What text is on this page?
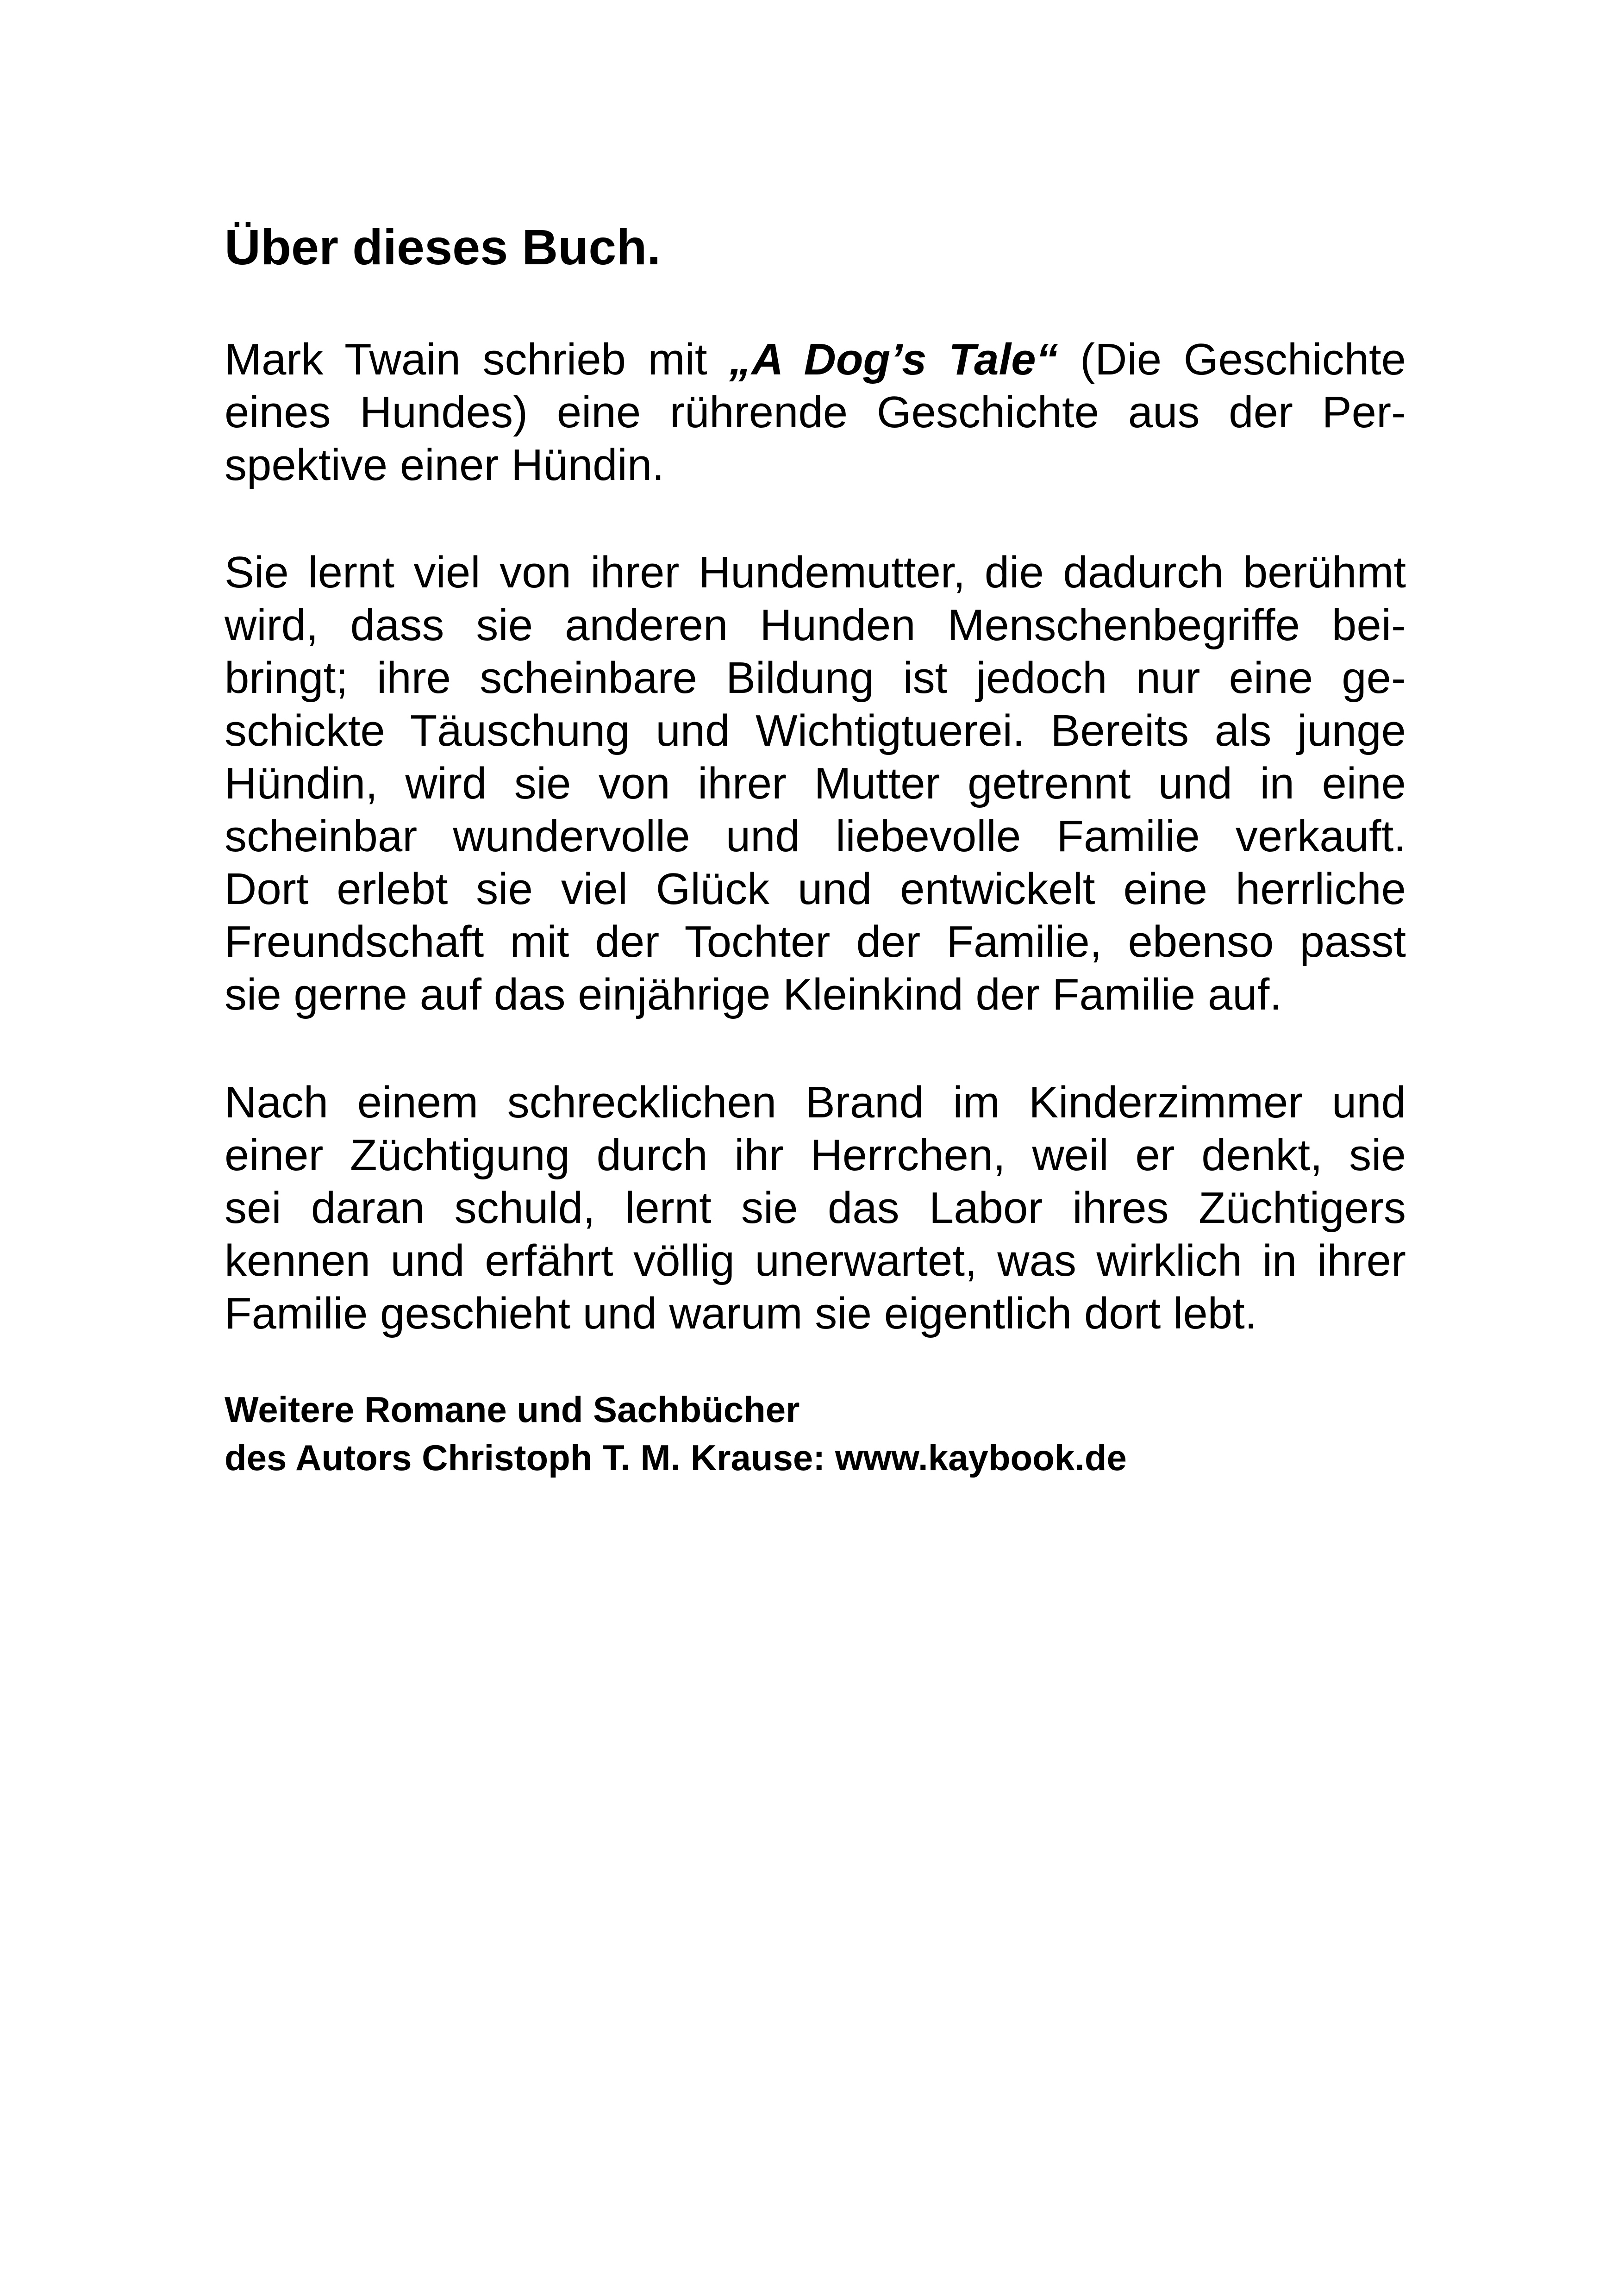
Über dieses Buch.

Mark Twain schrieb mit „A Dog’s Tale“ (Die Geschichte
eines Hundes) eine rührende Geschichte aus der Per-
spektive einer Hündin.

Sie lernt viel von ihrer Hundemutter, die dadurch berühmt
wird, dass sie anderen Hunden Menschenbegriffe bei-
bringt; ihre scheinbare Bildung ist jedoch nur eine ge-
schickte Täuschung und Wichtigtuerei. Bereits als junge
Hündin, wird sie von ihrer Mutter getrennt und in eine
scheinbar wundervolle und liebevolle Familie verkauft.
Dort erlebt sie viel Glück und entwickelt eine herrliche
Freundschaft mit der Tochter der Familie, ebenso passt
sie gerne auf das einjährige Kleinkind der Familie auf.

Nach einem schrecklichen Brand im Kinderzimmer und
einer Züchtigung durch ihr Herrchen, weil er denkt, sie
sei daran schuld, lernt sie das Labor ihres Züchtigers
kennen und erfährt völlig unerwartet, was wirklich in ihrer
Familie geschieht und warum sie eigentlich dort lebt.

Weitere Romane und Sachbücher
des Autors Christoph T. M. Krause: www.kaybook.de
